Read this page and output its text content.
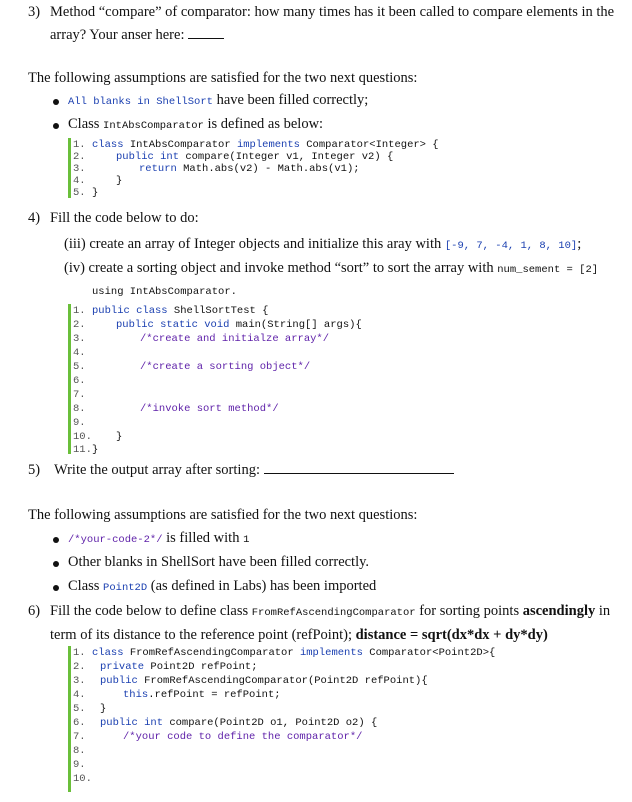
3) Method “compare” of comparator: how many times has it been called to compare elements in the
array? Your anser here:
The following assumptions are satisfied for the two next questions:
All blanks in ShellSort have been filled correctly;
Class IntAbsComparator is defined as below:
1.
2.
3.
4.
5.
class IntAbsComparator implements Comparator<Integer> {
public int compare(Integer v1, Integer v2) {
return Math.abs(v2) - Math.abs(v1);
}
}
4) Fill the code below to do:
(iii) create an array of Integer objects and initialize this aray with [-9, 7, -4, 1, 8, 10];
(iv) create a sorting object and invoke method “sort” to sort the array with num_sement = [2]
using IntAbsComparator.
1.
2.
3.
4.
5.
6.
7.
8.
9.
10.
11.
public class ShellSortTest {
public static void main(String[] args){
/*create and initialze array*/
/*create a sorting object*/
/*invoke sort method*/
}
}
5) Write the output array after sorting:
The following assumptions are satisfied for the two next questions:
/*your-code-2*/ is filled with 1
Other blanks in ShellSort have been filled correctly.
Class Point2D (as defined in Labs) has been imported
6) Fill the code below to define class FromRefAscendingComparator for sorting points ascendingly in
term of its distance to the reference point (refPoint); distance = sqrt(dx*dx + dy*dy)
1.
2.
3.
4.
5.
6.
7.
8.
9.
10.
class FromRefAscendingComparator implements Comparator<Point2D>{
private Point2D refPoint;
public FromRefAscendingComparator(Point2D refPoint){
this.refPoint = refPoint;
}
public int compare(Point2D o1, Point2D o2) {
/*your code to define the comparator*/
